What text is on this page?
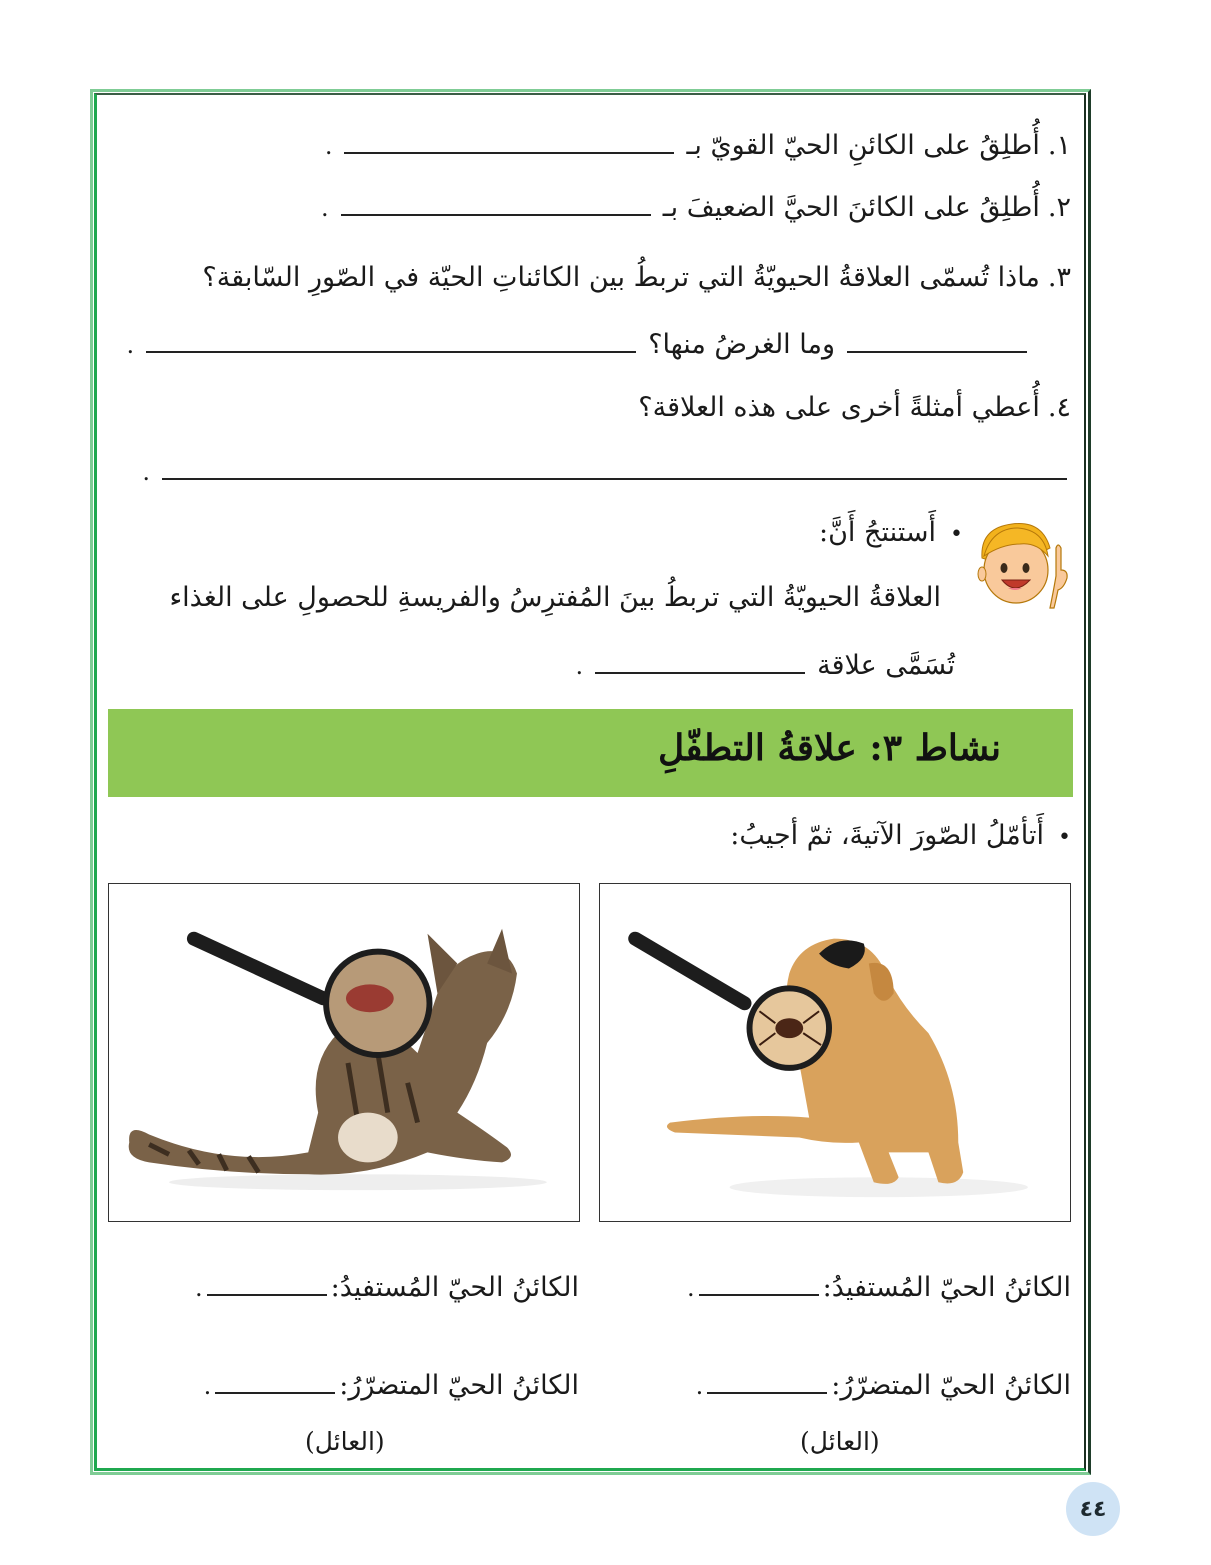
١.
أُطلِقُ على الكائنِ الحيّ القويّ بـ
.
٢.
أُطلِقُ على الكائنَ الحيَّ الضعيفَ بـ
.
٣.
ماذا تُسمّى العلاقةُ الحيويّةُ التي تربطُ بين الكائناتِ الحيّة في الصّورِ السّابقة؟
وما الغرضُ منها؟
.
٤.
أُعطي أمثلةً أخرى على هذه العلاقة؟
.
•
أَستنتجُ أَنَّ:
العلاقةُ الحيويّةُ التي تربطُ بينَ المُفترِسُ والفريسةِ للحصولِ على الغذاء
تُسَمَّى علاقة
.
نشاط ٣: علاقةُ التطفّلِ
•
أَتأمّلُ الصّورَ الآتيةَ، ثمّ أجيبُ:
الكائنُ الحيّ المُستفيدُ:
.
الكائنُ الحيّ المُستفيدُ:
.
الكائنُ الحيّ المتضرّرُ:
.
الكائنُ الحيّ المتضرّرُ:
.
(العائل)
(العائل)
٤٤
